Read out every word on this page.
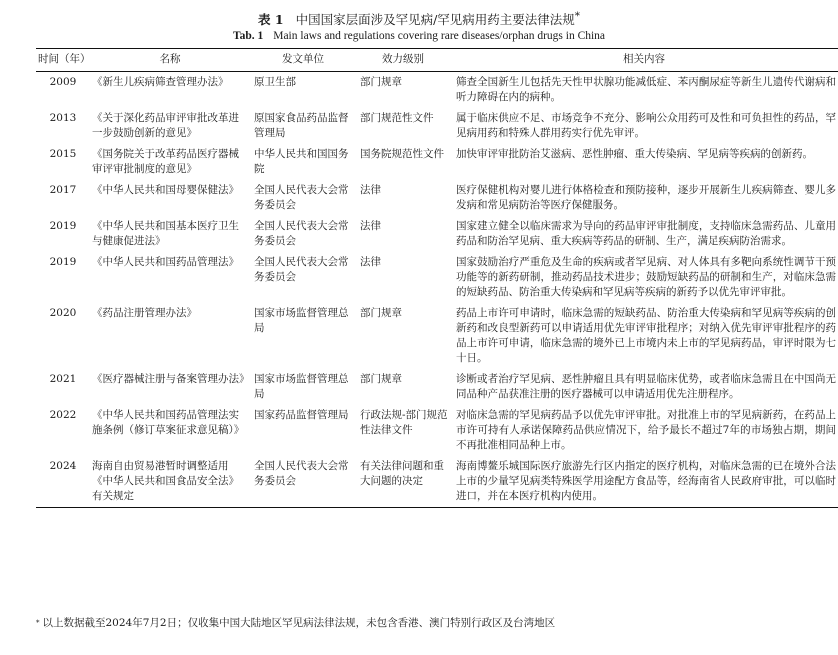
表 1 中国国家层面涉及罕见病/罕见病用药主要法律法规*
Tab. 1 Main laws and regulations covering rare diseases/orphan drugs in China
时间（年）	名称	发文单位	效力级别	相关内容
2009	《新生儿疾病筛查管理办法》	原卫生部	部门规章	筛查全国新生儿包括先天性甲状腺功能减低症、苯丙酮尿症等新生儿遗传代谢病和听力障碍在内的病种。
2013	《关于深化药品审评审批改革进一步鼓励创新的意见》	原国家食品药品监督管理局	部门规范性文件	属于临床供应不足、市场竞争不充分、影响公众用药可及性和可负担性的药品，罕见病用药和特殊人群用药实行优先审评。
2015	《国务院关于改革药品医疗器械审评审批制度的意见》	中华人民共和国国务院	国务院规范性文件	加快审评审批防治艾滋病、恶性肿瘤、重大传染病、罕见病等疾病的创新药。
2017	《中华人民共和国母婴保健法》	全国人民代表大会常务委员会	法律	医疗保健机构对婴儿进行体格检查和预防接种，逐步开展新生儿疾病筛查、婴儿多发病和常见病防治等医疗保健服务。
2019	《中华人民共和国基本医疗卫生与健康促进法》	全国人民代表大会常务委员会	法律	国家建立健全以临床需求为导向的药品审评审批制度，支持临床急需药品、儿童用药品和防治罕见病、重大疾病等药品的研制、生产，满足疾病防治需求。
2019	《中华人民共和国药品管理法》	全国人民代表大会常务委员会	法律	国家鼓励治疗严重危及生命的疾病或者罕见病、对人体具有多靶向系统性调节干预功能等的新药研制，推动药品技术进步；鼓励短缺药品的研制和生产，对临床急需的短缺药品、防治重大传染病和罕见病等疾病的新药予以优先审评审批。
2020	《药品注册管理办法》	国家市场监督管理总局	部门规章	药品上市许可申请时，临床急需的短缺药品、防治重大传染病和罕见病等疾病的创新药和改良型新药可以申请适用优先审评审批程序；对纳入优先审评审批程序的药品上市许可申请，临床急需的境外已上市境内未上市的罕见病药品，审评时限为七十日。
2021	《医疗器械注册与备案管理办法》	国家市场监督管理总局	部门规章	诊断或者治疗罕见病、恶性肿瘤且具有明显临床优势，或者临床急需且在中国尚无同品种产品获准注册的医疗器械可以申请适用优先注册程序。
2022	《中华人民共和国药品管理法实施条例（修订草案征求意见稿）》	国家药品监督管理局	行政法规-部门规范性法律文件	对临床急需的罕见病药品予以优先审评审批。对批准上市的罕见病新药，在药品上市许可持有人承诺保障药品供应情况下，给予最长不超过7年的市场独占期，期间不再批准相同品种上市。
2024	海南自由贸易港暂时调整适用《中华人民共和国食品安全法》有关规定	全国人民代表大会常务委员会	有关法律问题和重大问题的决定	海南博鳌乐城国际医疗旅游先行区内指定的医疗机构，对临床急需的已在境外合法上市的少量罕见病类特殊医学用途配方食品等，经海南省人民政府审批，可以临时进口，并在本医疗机构内使用。
* 以上数据截至2024年7月2日；仅收集中国大陆地区罕见病法律法规，未包含香港、澳门特别行政区及台湾地区
